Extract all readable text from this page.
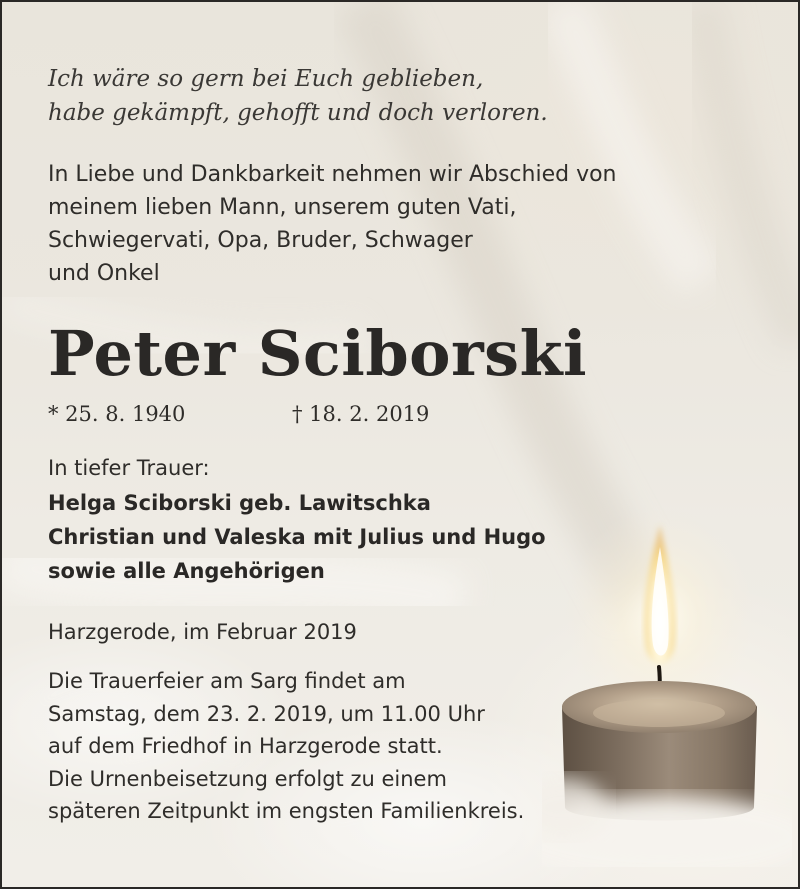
Ich wäre so gern bei Euch geblieben,
habe gekämpft, gehofft und doch verloren.

In Liebe und Dankbarkeit nehmen wir Abschied von
meinem lieben Mann, unserem guten Vati,
Schwiegervati, Opa, Bruder, Schwager
und Onkel

Peter Sciborski
* 25. 8. 1940	† 18. 2. 2019

In tiefer Trauer:

Helga Sciborski geb. Lawitschka
Christian und Valeska mit Julius und Hugo
sowie alle Angehörigen

Harzgerode, im Februar 2019

Die Trauerfeier am Sarg findet am
Samstag, dem 23. 2. 2019, um 11.00 Uhr
auf dem Friedhof in Harzgerode statt.
Die Urnenbeisetzung erfolgt zu einem
späteren Zeitpunkt im engsten Familienkreis.
